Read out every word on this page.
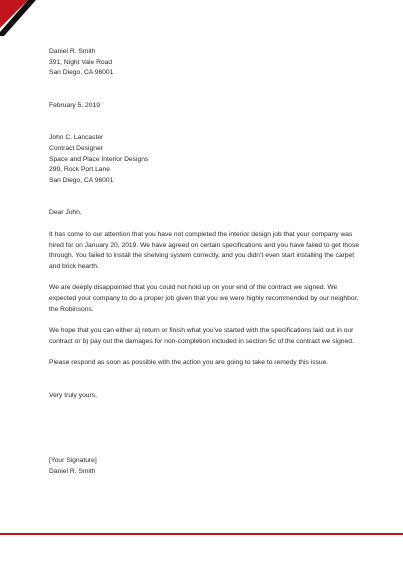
Daniel R. Smith
391, Night Vale Road
San Diego, CA 96001
February 5, 2019
John C. Lancaster
Contract Designer
Space and Place Interior Designs
299, Rock Port Lane
San Diego, CA 96001
Dear John,

It has come to our attention that you have not completed the interior design job that your company was hired for on January 20, 2019. We have agreed on certain specifications and you have failed to get those through. You failed to install the shelving system correctly, and you didn’t even start installing the carpet and brick hearth.

We are deeply disappointed that you could not hold up on your end of the contract we signed. We expected your company to do a proper job given that you we were highly recommended by our neighbor, the Robinsons.

We hope that you can either a) return or finish what you’ve started with the specifications laid out in our contract or b) pay out the damages for non-completion included in section 5c of the contract we signed.

Please respond as soon as possible with the action you are going to take to remedy this issue.

Very truly yours,
[Your Signature]
Daniel R. Smith
